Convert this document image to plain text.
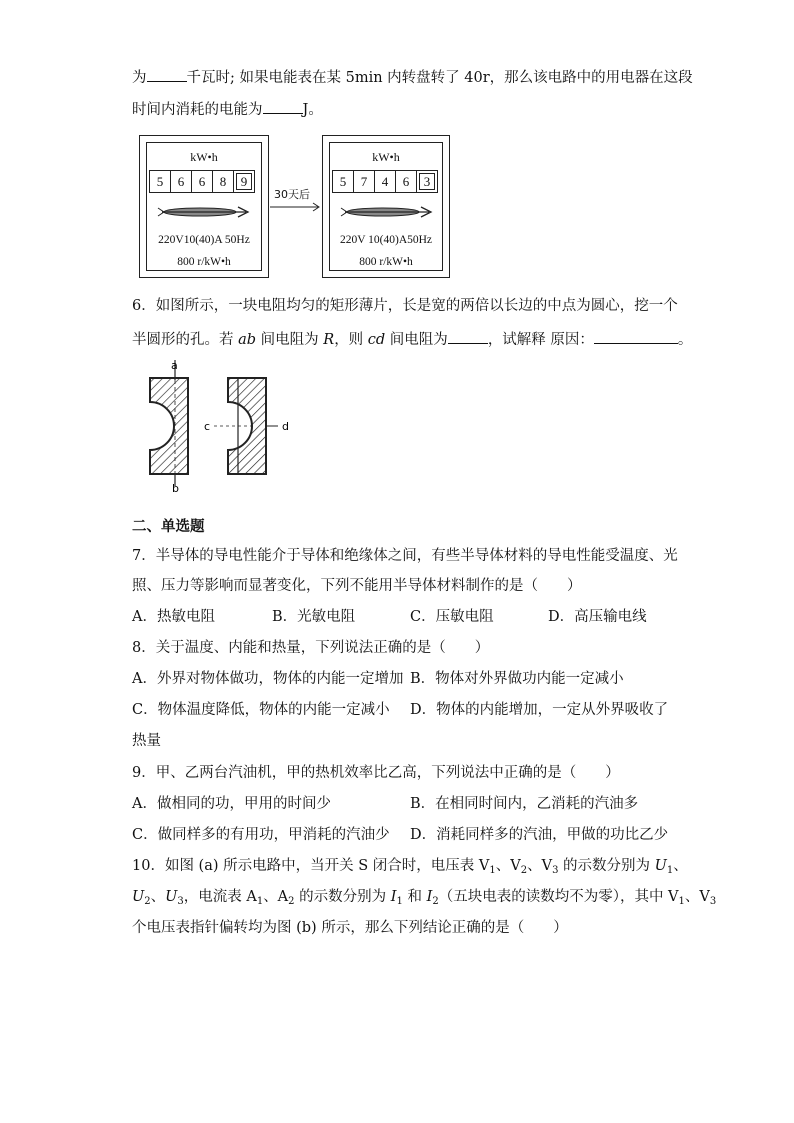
为	千瓦时; 如果电能表在某 5min 内转盘转了 40r，那么该电路中的用电器在这段
时间内消耗的电能为	J。
kW•h
5	6	6	8	9
220V10(40)A 50Hz
800 r/kW•h
30天后
kW•h
5	7	4	6	3
220V 10(40)A50Hz
800 r/kW•h
6．如图所示，一块电阻均匀的矩形薄片，长是宽的两倍以长边的中点为圆心，挖一个
半圆形的孔。若 ab 间电阻为 R，则 cd 间电阻为	，试解释 原因：	。
a
b
c	d
二、单选题
7．半导体的导电性能介于导体和绝缘体之间，有些半导体材料的导电性能受温度、光
照、压力等影响而显著变化，下列不能用半导体材料制作的是（　　）
A．热敏电阻	B．光敏电阻	C．压敏电阻	D．高压输电线
8．关于温度、内能和热量，下列说法正确的是（　　）
A．外界对物体做功，物体的内能一定增加 B．物体对外界做功内能一定减小
C．物体温度降低，物体的内能一定减小 D．物体的内能增加，一定从外界吸收了
热量
9．甲、乙两台汽油机，甲的热机效率比乙高，下列说法中正确的是（　　）
A．做相同的功，甲用的时间少	B．在相同时间内，乙消耗的汽油多
C．做同样多的有用功，甲消耗的汽油少 D．消耗同样多的汽油，甲做的功比乙少
10．如图 (a) 所示电路中，当开关 S 闭合时，电压表 $V_1$、$V_2$、$V_3$ 的示数分别为 $U_1$、
$U_2$、$U_3$，电流表 $A_1$、$A_2$ 的示数分别为 $I_1$ 和 $I_2$（五块电表的读数均不为零），其中 $V_1$、$V_3$
个电压表指针偏转均为图 (b) 所示，那么下列结论正确的是（　　）
